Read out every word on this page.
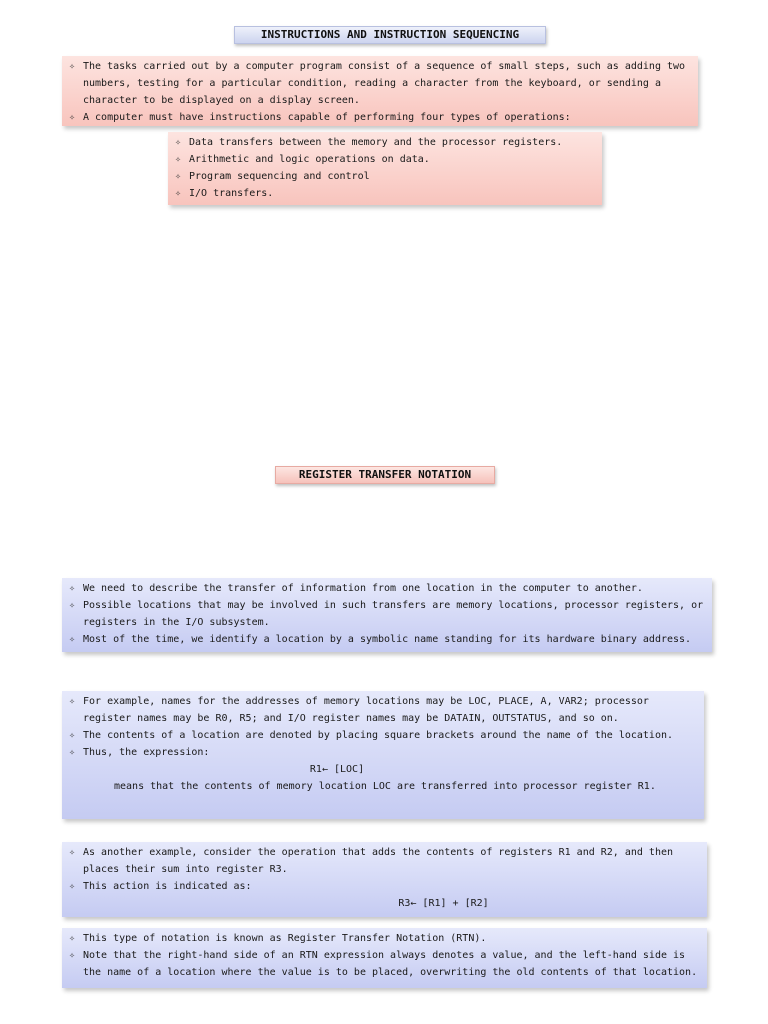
INSTRUCTIONS AND INSTRUCTION SEQUENCING
✧ The tasks carried out by a computer program consist of a sequence of small steps, such as adding two numbers, testing for a particular condition, reading a character from the keyboard, or sending a character to be displayed on a display screen.
✧ A computer must have instructions capable of performing four types of operations:
✧ Data transfers between the memory and the processor registers.
✧ Arithmetic and logic operations on data.
✧ Program sequencing and control
✧ I/O transfers.
REGISTER TRANSFER NOTATION
✧ We need to describe the transfer of information from one location in the computer to another.
✧ Possible locations that may be involved in such transfers are memory locations, processor registers, or registers in the I/O subsystem.
✧ Most of the time, we identify a location by a symbolic name standing for its hardware binary address.
✧ For example, names for the addresses of memory locations may be LOC, PLACE, A, VAR2; processor register names may be R0, R5; and I/O register names may be DATAIN, OUTSTATUS, and so on.
✧ The contents of a location are denoted by placing square brackets around the name of the location.
✧ Thus, the expression:
R1← [LOC]
means that the contents of memory location LOC are transferred into processor register R1.
✧ As another example, consider the operation that adds the contents of registers R1 and R2, and then places their sum into register R3.
✧ This action is indicated as:
R3← [R1] + [R2]
✧ This type of notation is known as Register Transfer Notation (RTN).
✧ Note that the right-hand side of an RTN expression always denotes a value, and the left-hand side is the name of a location where the value is to be placed, overwriting the old contents of that location.
